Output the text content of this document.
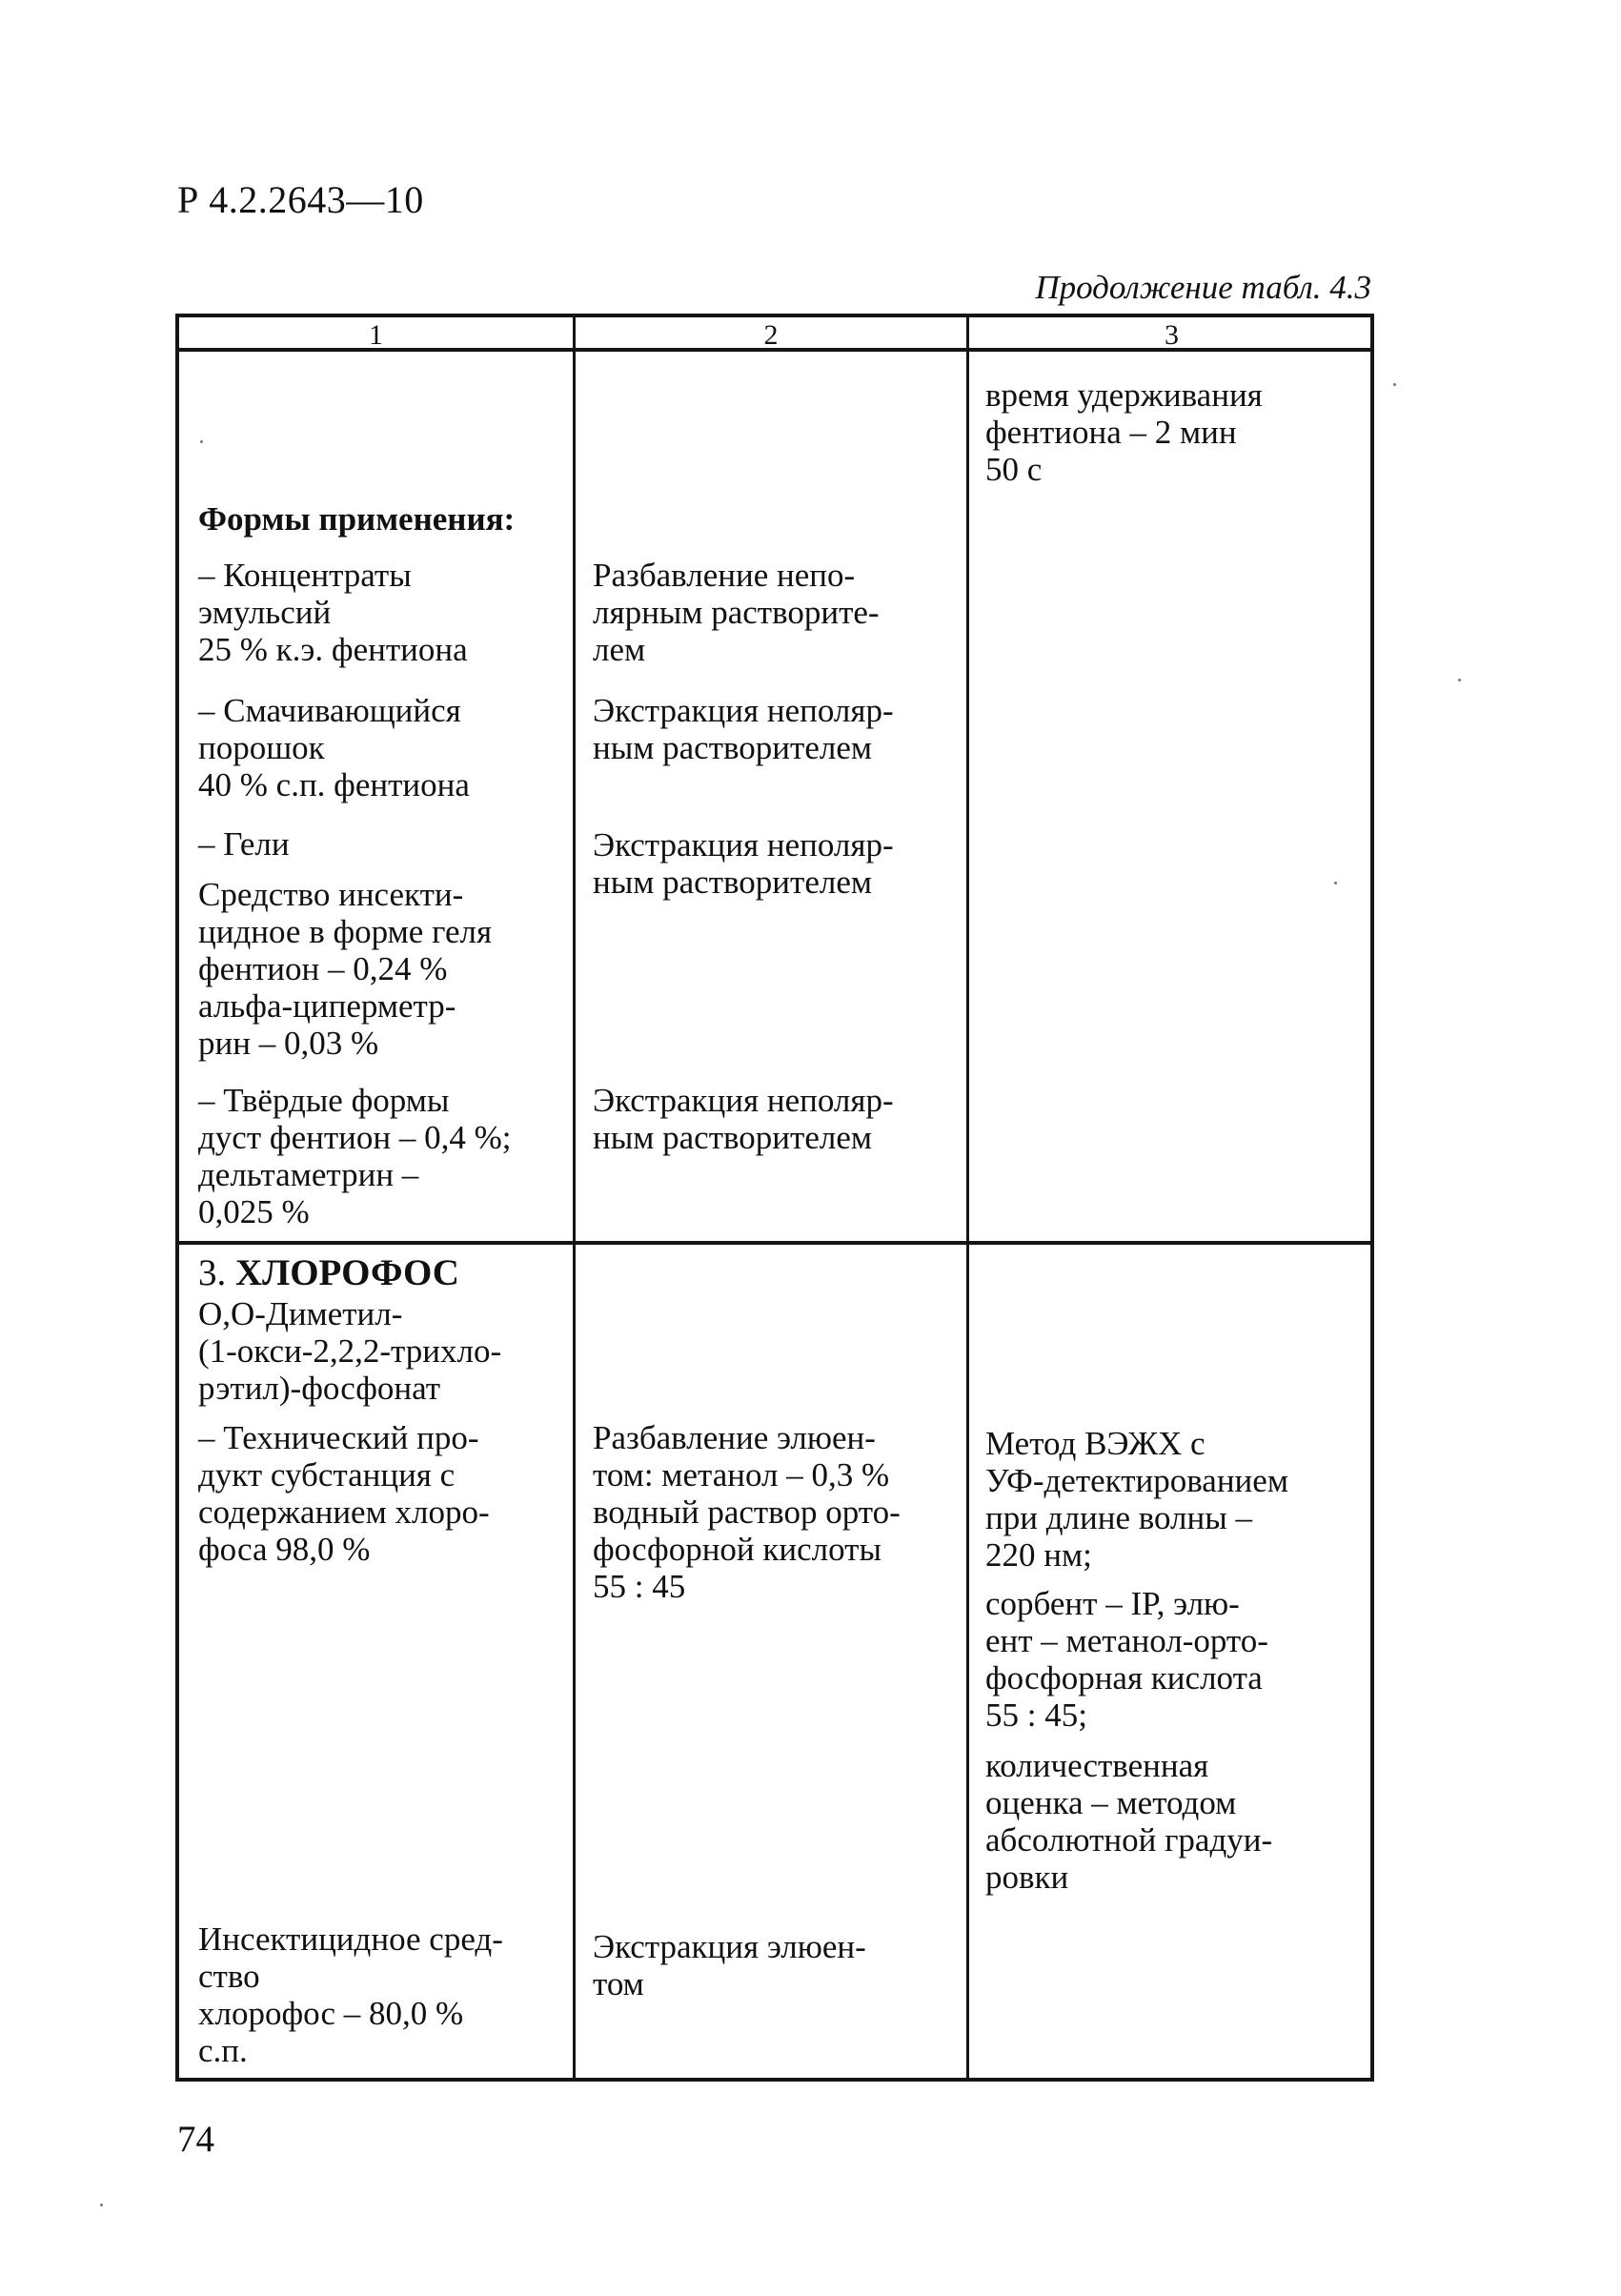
Р 4.2.2643—10
Продолжение табл. 4.3
1	2	3

время удерживания
фентиона – 2 мин
50 с

Формы применения:

– Концентраты
эмульсий
25 % к.э. фентиона

Разбавление непо-
лярным растворите-
лем

– Смачивающийся
порошок
40 % с.п. фентиона

Экстракция неполяр-
ным растворителем

– Гели

Средство инсекти-
цидное в форме геля
фентион – 0,24 %
альфа-циперметр-
рин – 0,03 %

Экстракция неполяр-
ным растворителем

– Твёрдые формы
дуст фентион – 0,4 %;
дельтаметрин –
0,025 %

Экстракция неполяр-
ным растворителем

3. ХЛОРОФОС

О,О-Диметил-
(1-окси-2,2,2-трихло-
рэтил)-фосфонат

– Технический про-
дукт субстанция с
содержанием хлоро-
фоса 98,0 %

Разбавление элюен-
том: метанол – 0,3 %
водный раствор орто-
фосфорной кислоты
55 : 45

Метод ВЭЖХ с
УФ-детектированием
при длине волны –
220 нм;

сорбент – IP, элю-
ент – метанол-орто-
фосфорная кислота
55 : 45;

количественная
оценка – методом
абсолютной градуи-
ровки

Инсектицидное сред-
ство
хлорофос – 80,0 %
с.п.

Экстракция элюен-
том

74
